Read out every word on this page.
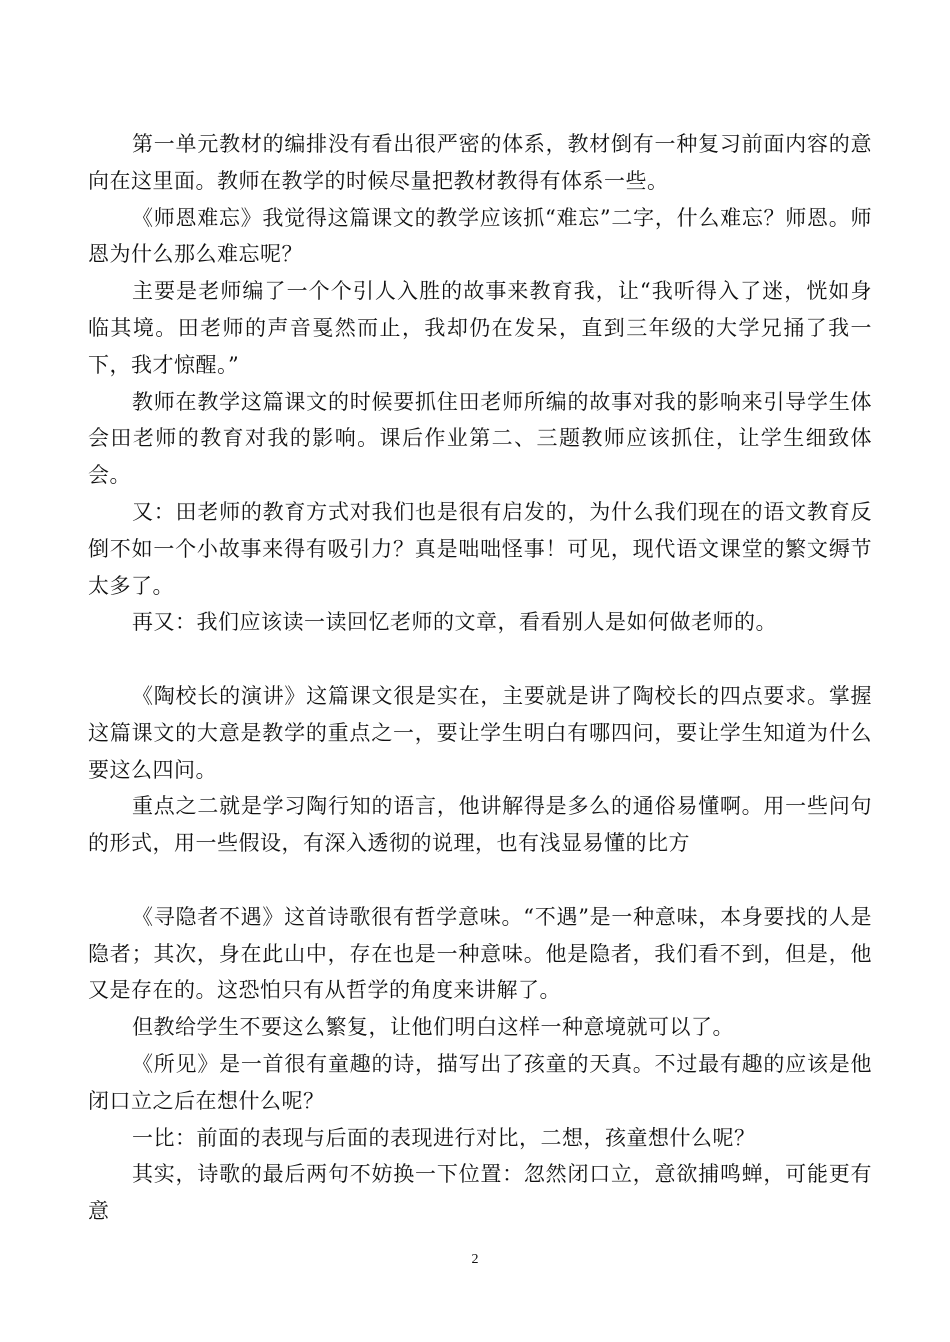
第一单元教材的编排没有看出很严密的体系，教材倒有一种复习前面内容的意向在这里面。教师在教学的时候尽量把教材教得有体系一些。

《师恩难忘》我觉得这篇课文的教学应该抓“难忘”二字，什么难忘？师恩。师恩为什么那么难忘呢？

主要是老师编了一个个引人入胜的故事来教育我，让“我听得入了迷，恍如身临其境。田老师的声音戛然而止，我却仍在发呆，直到三年级的大学兄捅了我一下，我才惊醒。”

教师在教学这篇课文的时候要抓住田老师所编的故事对我的影响来引导学生体会田老师的教育对我的影响。课后作业第二、三题教师应该抓住，让学生细致体会。

又：田老师的教育方式对我们也是很有启发的，为什么我们现在的语文教育反倒不如一个小故事来得有吸引力？真是咄咄怪事！可见，现代语文课堂的繁文缛节太多了。

再又：我们应该读一读回忆老师的文章，看看别人是如何做老师的。

《陶校长的演讲》这篇课文很是实在，主要就是讲了陶校长的四点要求。掌握这篇课文的大意是教学的重点之一，要让学生明白有哪四问，要让学生知道为什么要这么四问。

重点之二就是学习陶行知的语言，他讲解得是多么的通俗易懂啊。用一些问句的形式，用一些假设，有深入透彻的说理，也有浅显易懂的比方

《寻隐者不遇》这首诗歌很有哲学意味。“不遇”是一种意味，本身要找的人是隐者；其次，身在此山中，存在也是一种意味。他是隐者，我们看不到，但是，他又是存在的。这恐怕只有从哲学的角度来讲解了。

但教给学生不要这么繁复，让他们明白这样一种意境就可以了。

《所见》是一首很有童趣的诗，描写出了孩童的天真。不过最有趣的应该是他闭口立之后在想什么呢？

一比：前面的表现与后面的表现进行对比，二想，孩童想什么呢？

其实，诗歌的最后两句不妨换一下位置：忽然闭口立，意欲捕鸣蝉，可能更有意

2
